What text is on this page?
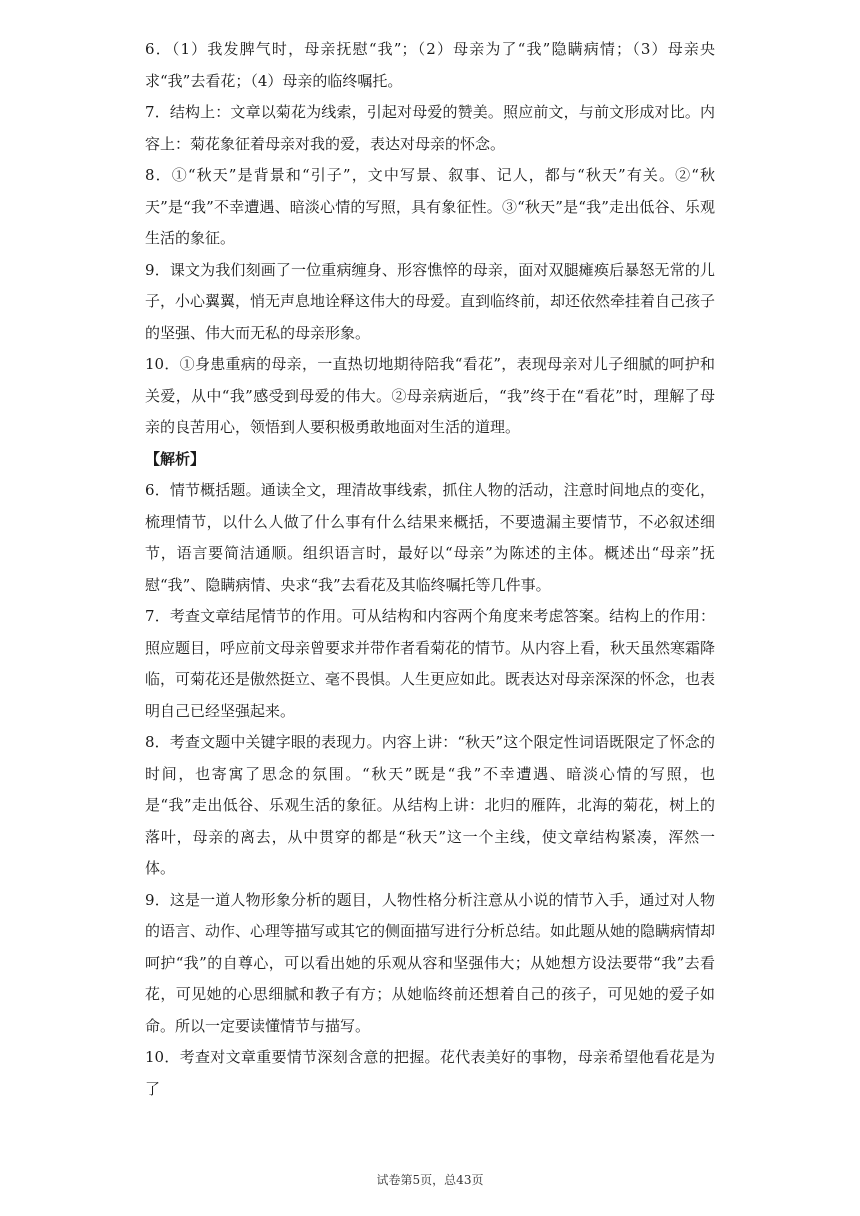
6．（1）我发脾气时，母亲抚慰“我”；（2）母亲为了“我”隐瞒病情；（3）母亲央求“我”去看花；（4）母亲的临终嘱托。

7．结构上：文章以菊花为线索，引起对母爱的赞美。照应前文，与前文形成对比。内容上：菊花象征着母亲对我的爱，表达对母亲的怀念。

8．①“秋天”是背景和“引子”，文中写景、叙事、记人，都与“秋天”有关。②“秋天”是“我”不幸遭遇、暗淡心情的写照，具有象征性。③“秋天”是“我”走出低谷、乐观生活的象征。

9．课文为我们刻画了一位重病缠身、形容憔悴的母亲，面对双腿瘫痪后暴怒无常的儿子，小心翼翼，悄无声息地诠释这伟大的母爱。直到临终前，却还依然牵挂着自己孩子的坚强、伟大而无私的母亲形象。

10．①身患重病的母亲，一直热切地期待陪我“看花”，表现母亲对儿子细腻的呵护和关爱，从中“我”感受到母爱的伟大。②母亲病逝后，“我”终于在“看花”时，理解了母亲的良苦用心，领悟到人要积极勇敢地面对生活的道理。

【解析】

6．情节概括题。通读全文，理清故事线索，抓住人物的活动，注意时间地点的变化，梳理情节，以什么人做了什么事有什么结果来概括，不要遗漏主要情节，不必叙述细节，语言要简洁通顺。组织语言时，最好以“母亲”为陈述的主体。概述出“母亲”抚慰“我”、隐瞒病情、央求“我”去看花及其临终嘱托等几件事。

7．考查文章结尾情节的作用。可从结构和内容两个角度来考虑答案。结构上的作用：照应题目，呼应前文母亲曾要求并带作者看菊花的情节。从内容上看，秋天虽然寒霜降临，可菊花还是傲然挺立、毫不畏惧。人生更应如此。既表达对母亲深深的怀念，也表明自己已经坚强起来。

8．考查文题中关键字眼的表现力。内容上讲：“秋天”这个限定性词语既限定了怀念的时间，也寄寓了思念的氛围。“秋天”既是“我”不幸遭遇、暗淡心情的写照，也是“我”走出低谷、乐观生活的象征。从结构上讲：北归的雁阵，北海的菊花，树上的落叶，母亲的离去，从中贯穿的都是“秋天”这一个主线，使文章结构紧凑，浑然一体。

9．这是一道人物形象分析的题目，人物性格分析注意从小说的情节入手，通过对人物的语言、动作、心理等描写或其它的侧面描写进行分析总结。如此题从她的隐瞒病情却呵护“我”的自尊心，可以看出她的乐观从容和坚强伟大；从她想方设法要带“我”去看花，可见她的心思细腻和教子有方；从她临终前还想着自己的孩子，可见她的爱子如命。所以一定要读懂情节与描写。

10．考查对文章重要情节深刻含意的把握。花代表美好的事物，母亲希望他看花是为了

试卷第5页，总43页
